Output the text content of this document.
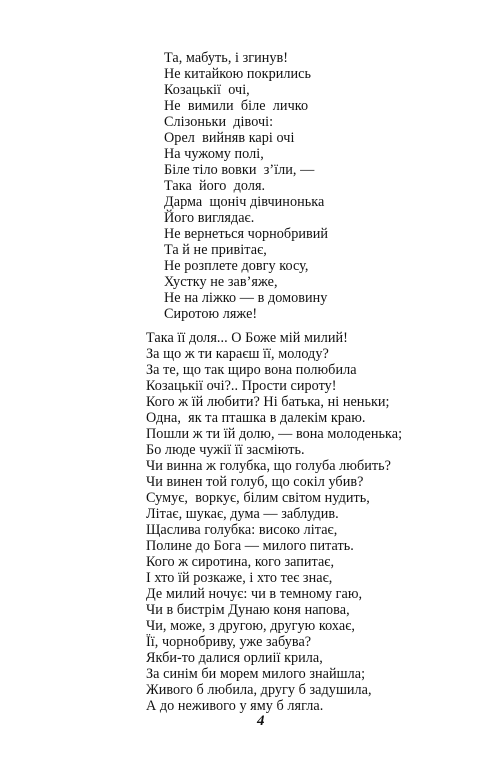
Та, мабуть, і згинув!
Не китайкою покрились
Козацькії  очі,
Не  вимили  біле  личко
Слізоньки  дівочі:
Орел  вийняв карі очі
На чужому полі,
Біле тіло вовки  з’їли, —
Така  його  доля.
Дарма  щоніч дівчинонька
Його виглядає.
Не вернеться чорнобривий
Та й не привітає,
Не розплете довгу косу,
Хустку не зав’яже,
Не на ліжко — в домовину
Сиротою ляже!
Така її доля... О Боже мій милий!
За що ж ти караєш її, молоду?
За те, що так щиро вона полюбила
Козацькії очі?.. Прости сироту!
Кого ж їй любити? Ні батька, ні неньки;
Одна,  як та пташка в далекім краю.
Пошли ж ти їй долю, — вона молоденька;
Бо люде чужії її засміють.
Чи винна ж голубка, що голуба любить?
Чи винен той голуб, що сокіл убив?
Сумує,  воркує, білим світом нудить,
Літає, шукає, дума — заблудив.
Щаслива голубка: високо літає,
Полине до Бога — милого питать.
Кого ж сиротина, кого запитає,
І хто їй розкаже, і хто теє знає,
Де милий ночує: чи в темному гаю,
Чи в бистрім Дунаю коня напова,
Чи, може, з другою, другую кохає,
Її, чорнобриву, уже забува?
Якби-то далися орлиії крила,
За синім би морем милого знайшла;
Живого б любила, другу б задушила,
А до неживого у яму б лягла.
4
